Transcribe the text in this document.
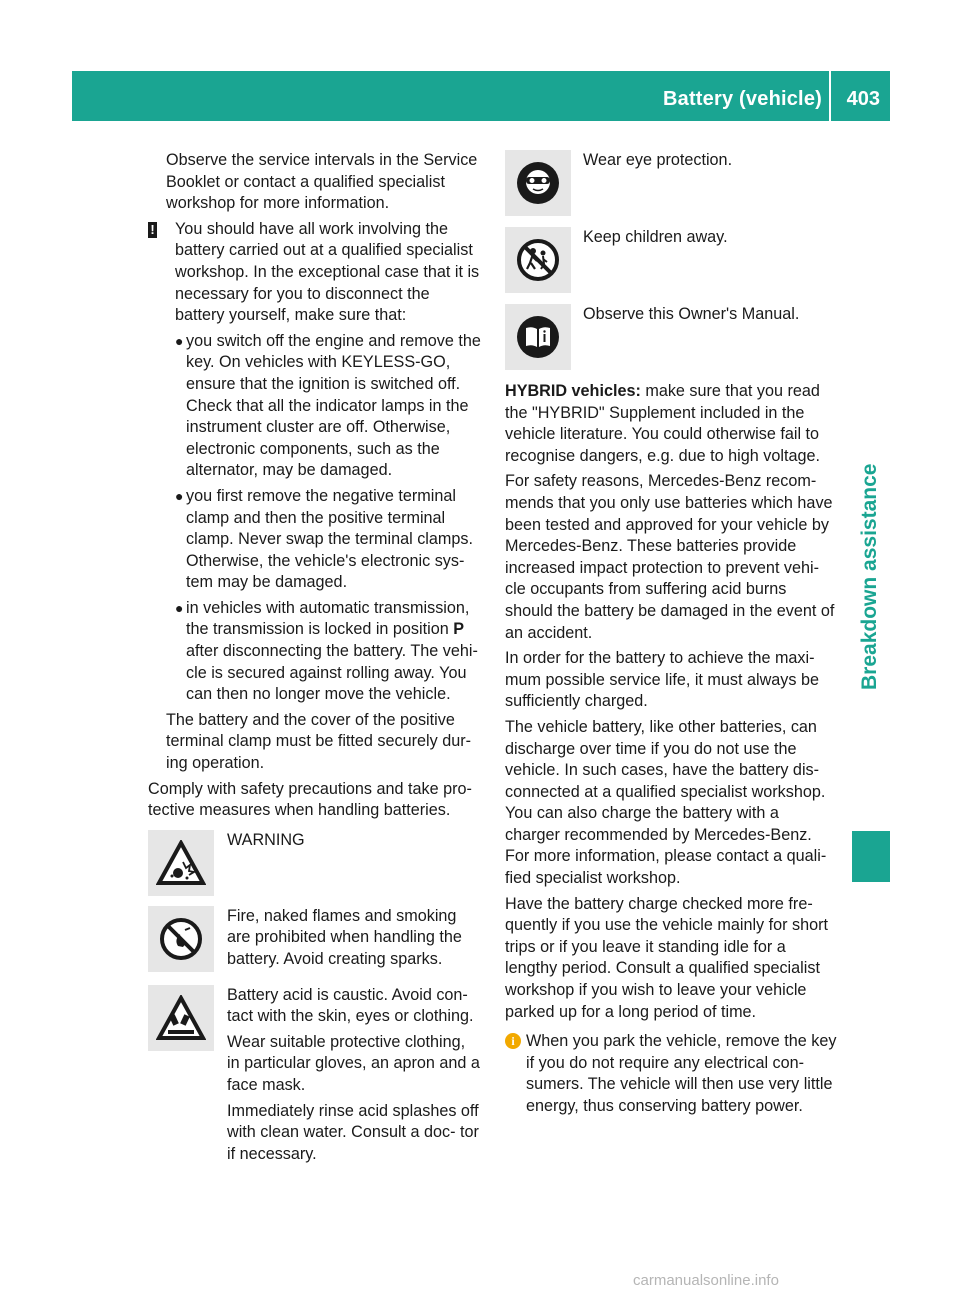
Battery (vehicle) 403
Breakdown assistance

Observe the service intervals in the Service Booklet or contact a qualified specialist workshop for more information.

! You should have all work involving the battery carried out at a qualified specialist workshop. In the exceptional case that it is necessary for you to disconnect the battery yourself, make sure that:

● you switch off the engine and remove the key. On vehicles with KEYLESS-GO, ensure that the ignition is switched off. Check that all the indicator lamps in the instrument cluster are off. Otherwise, electronic components, such as the alternator, may be damaged.
● you first remove the negative terminal clamp and then the positive terminal clamp. Never swap the terminal clamps. Otherwise, the vehicle's electronic sys- tem may be damaged.
● in vehicles with automatic transmission, the transmission is locked in position P after disconnecting the battery. The vehi- cle is secured against rolling away. You can then no longer move the vehicle.

The battery and the cover of the positive terminal clamp must be fitted securely dur- ing operation.

Comply with safety precautions and take pro- tective measures when handling batteries.

WARNING

Fire, naked flames and smoking are prohibited when handling the battery. Avoid creating sparks.

Battery acid is caustic. Avoid con- tact with the skin, eyes or clothing.

Wear suitable protective clothing, in particular gloves, an apron and a face mask.

Immediately rinse acid splashes off with clean water. Consult a doc- tor if necessary.

Wear eye protection.

Keep children away.

Observe this Owner's Manual.

HYBRID vehicles: make sure that you read the "HYBRID" Supplement included in the vehicle literature. You could otherwise fail to recognise dangers, e.g. due to high voltage.

For safety reasons, Mercedes-Benz recom- mends that you only use batteries which have been tested and approved for your vehicle by Mercedes-Benz. These batteries provide increased impact protection to prevent vehi- cle occupants from suffering acid burns should the battery be damaged in the event of an accident.

In order for the battery to achieve the maxi- mum possible service life, it must always be sufficiently charged.

The vehicle battery, like other batteries, can discharge over time if you do not use the vehicle. In such cases, have the battery dis- connected at a qualified specialist workshop. You can also charge the battery with a charger recommended by Mercedes-Benz. For more information, please contact a quali- fied specialist workshop.

Have the battery charge checked more fre- quently if you use the vehicle mainly for short trips or if you leave it standing idle for a lengthy period. Consult a qualified specialist workshop if you wish to leave your vehicle parked up for a long period of time.

i When you park the vehicle, remove the key if you do not require any electrical con- sumers. The vehicle will then use very little energy, thus conserving battery power.

carmanualsonline.info
